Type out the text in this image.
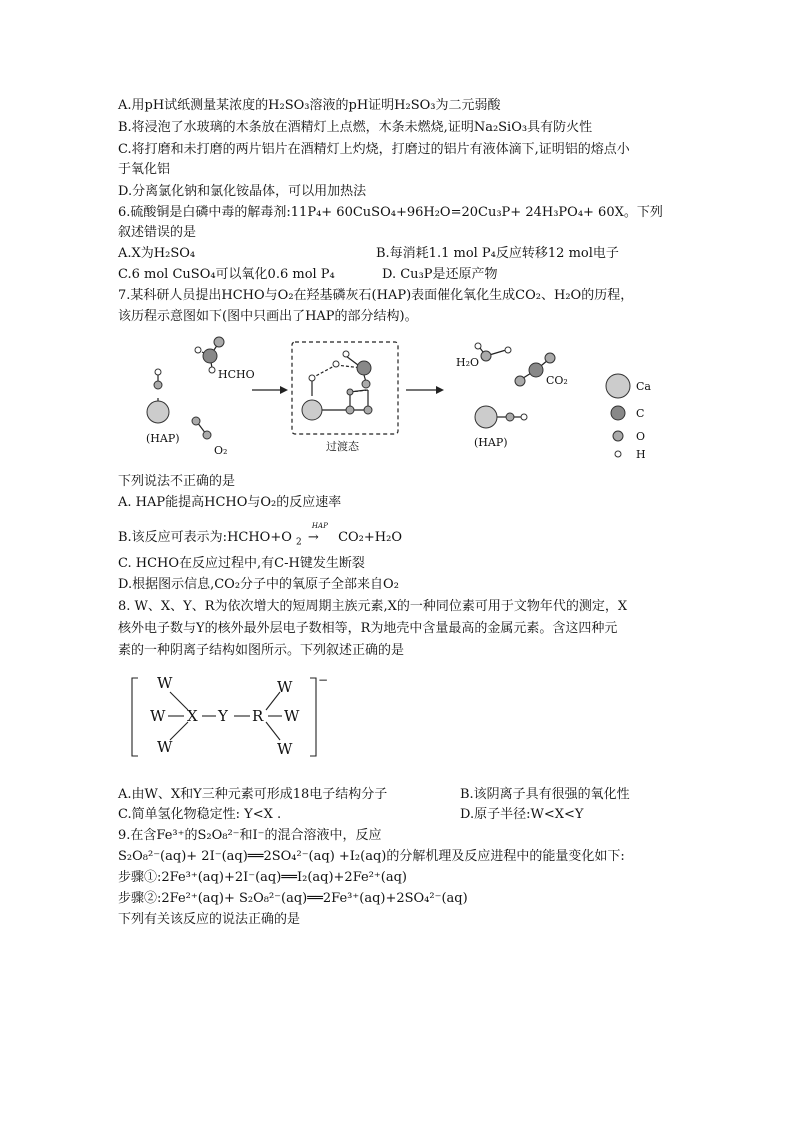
A.用pH试纸测量某浓度的H₂SO₃溶液的pH证明H₂SO₃为二元弱酸
B.将浸泡了水玻璃的木条放在酒精灯上点燃，木条未燃烧,证明Na₂SiO₃具有防火性
C.将打磨和未打磨的两片铝片在酒精灯上灼烧，打磨过的铝片有液体滴下,证明铝的熔点小
于氧化铝
D.分离氯化钠和氯化铵晶体，可以用加热法
6.硫酸铜是白磷中毒的解毒剂:11P₄+ 60CuSO₄+96H₂O=20Cu₃P+ 24H₃PO₄+ 60X。下列
叙述错误的是
A.X为H₂SO₄	B.每消耗1.1 mol P₄反应转移12 mol电子
C.6 mol CuSO₄可以氧化0.6 mol P₄	D. Cu₃P是还原产物
7.某科研人员提出HCHO与O₂在羟基磷灰石(HAP)表面催化氧化生成CO₂、H₂O的历程，
该历程示意图如下(图中只画出了HAP的部分结构)。
HCHO
(HAP)
O₂	过渡态
H₂O
CO₂
(HAP)
Ca
C
O
H
下列说法不正确的是
A. HAP能提高HCHO与O₂的反应速率
B.该反应可表示为:HCHO+O $_2$
HAP
→ CO₂+H₂O
C. HCHO在反应过程中,有C-H键发生断裂
D.根据图示信息,CO₂分子中的氧原子全部来自O₂
8. W、X、Y、R为依次增大的短周期主族元素,X的一种同位素可用于文物年代的测定，X
核外电子数与Y的核外最外层电子数相等，R为地壳中含量最高的金属元素。含这四种元
素的一种阴离子结构如图所示。下列叙述正确的是
W
W
W
X Y R
W
W
W
−
A.由W、X和Y三种元素可形成18电子结构分子	B.该阴离子具有很强的氧化性
C.简单氢化物稳定性: Y<X .	D.原子半径:W<X<Y
9.在含Fe³⁺的S₂O₈²⁻和I⁻的混合溶液中，反应
S₂O₈²⁻(aq)+ 2I⁻(aq)══2SO₄²⁻(aq) +I₂(aq)的分解机理及反应进程中的能量变化如下:
步骤①:2Fe³⁺(aq)+2I⁻(aq)══I₂(aq)+2Fe²⁺(aq)
步骤②:2Fe²⁺(aq)+ S₂O₈²⁻(aq)══2Fe³⁺(aq)+2SO₄²⁻(aq)
下列有关该反应的说法正确的是
